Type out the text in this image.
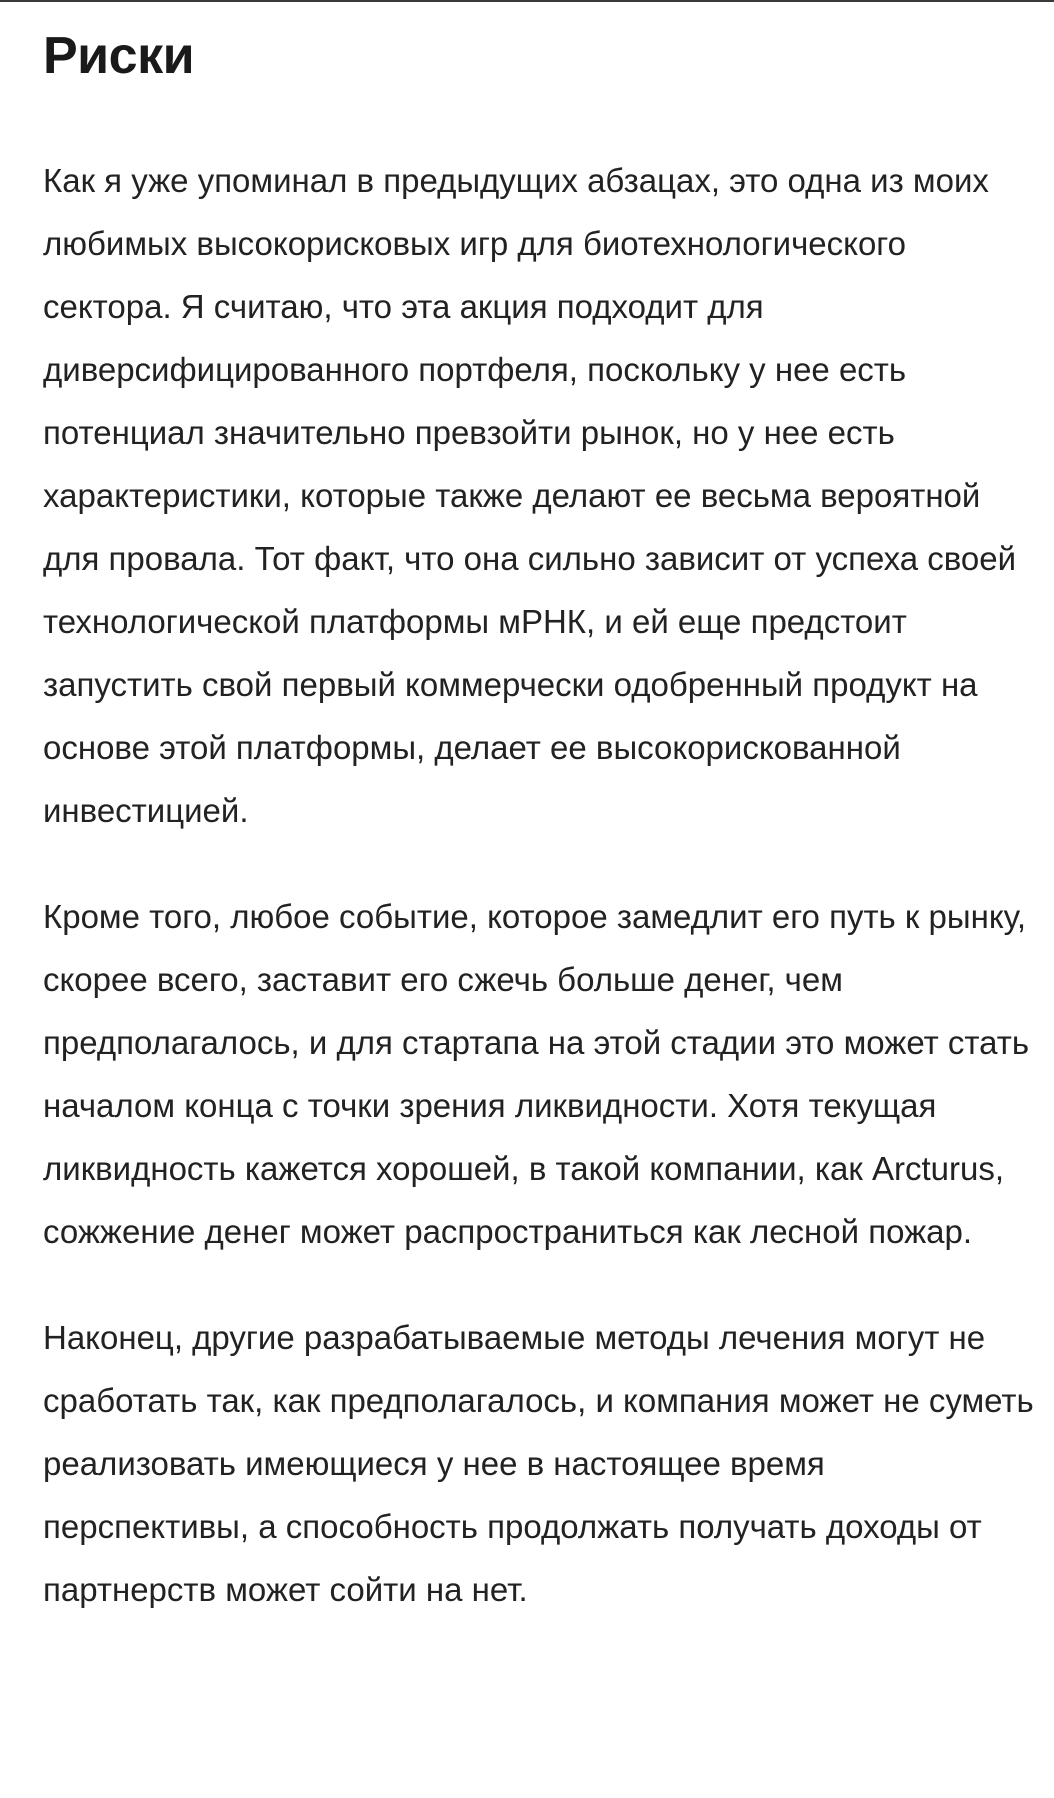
Риски

Как я уже упоминал в предыдущих абзацах, это одна из моих любимых высокорисковых игр для биотехнологического сектора. Я считаю, что эта акция подходит для диверсифицированного портфеля, поскольку у нее есть потенциал значительно превзойти рынок, но у нее есть характеристики, которые также делают ее весьма вероятной для провала. Тот факт, что она сильно зависит от успеха своей технологической платформы мРНК, и ей еще предстоит запустить свой первый коммерчески одобренный продукт на основе этой платформы, делает ее высокорискованной инвестицией.

Кроме того, любое событие, которое замедлит его путь к рынку, скорее всего, заставит его сжечь больше денег, чем предполагалось, и для стартапа на этой стадии это может стать началом конца с точки зрения ликвидности. Хотя текущая ликвидность кажется хорошей, в такой компании, как Arcturus, сожжение денег может распространиться как лесной пожар.

Наконец, другие разрабатываемые методы лечения могут не сработать так, как предполагалось, и компания может не суметь реализовать имеющиеся у нее в настоящее время перспективы, а способность продолжать получать доходы от партнерств может сойти на нет.
